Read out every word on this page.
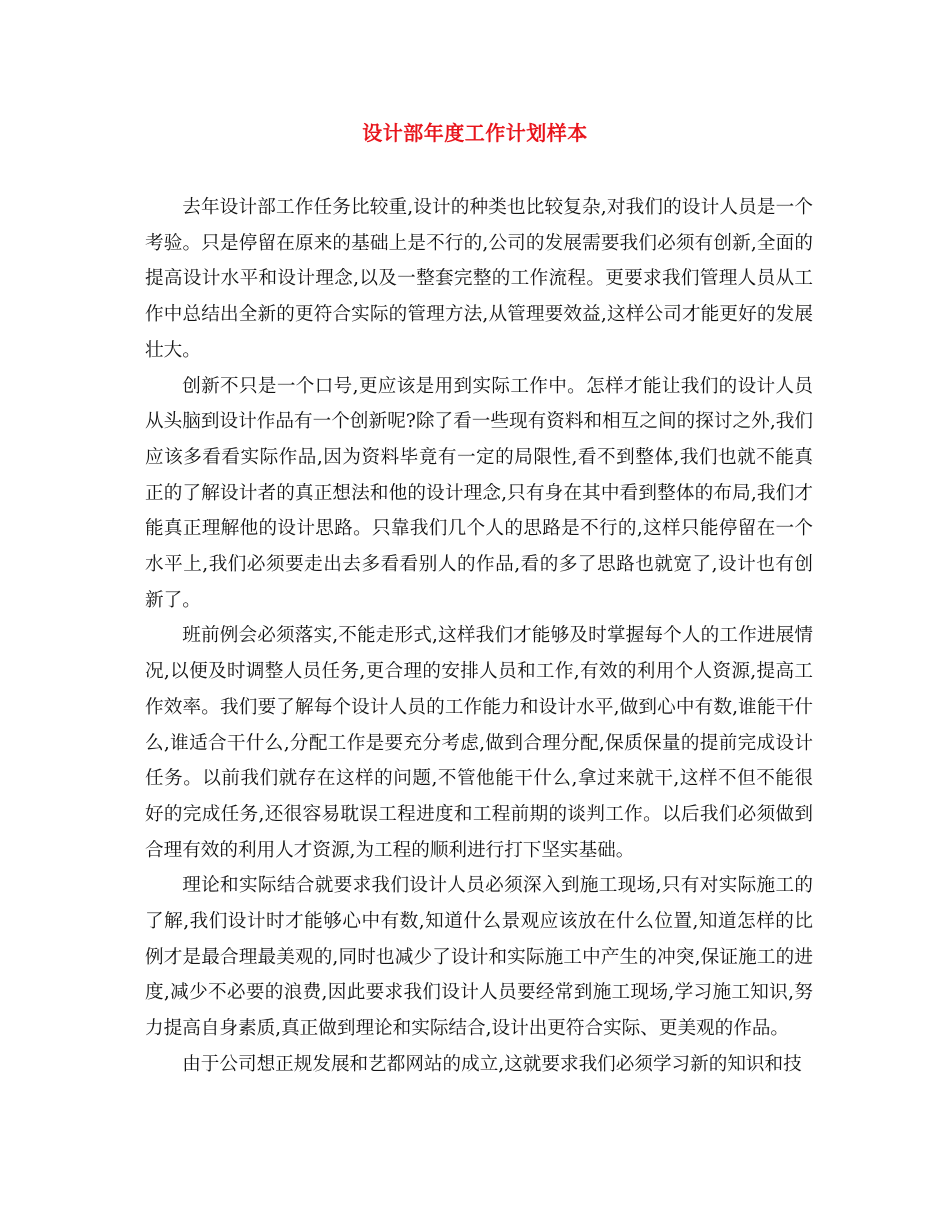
设计部年度工作计划样本

去年设计部工作任务比较重,设计的种类也比较复杂,对我们的设计人员是一个考验。只是停留在原来的基础上是不行的,公司的发展需要我们必须有创新,全面的提高设计水平和设计理念,以及一整套完整的工作流程。更要求我们管理人员从工作中总结出全新的更符合实际的管理方法,从管理要效益,这样公司才能更好的发展壮大。

创新不只是一个口号,更应该是用到实际工作中。怎样才能让我们的设计人员从头脑到设计作品有一个创新呢?除了看一些现有资料和相互之间的探讨之外,我们应该多看看实际作品,因为资料毕竟有一定的局限性,看不到整体,我们也就不能真正的了解设计者的真正想法和他的设计理念,只有身在其中看到整体的布局,我们才能真正理解他的设计思路。只靠我们几个人的思路是不行的,这样只能停留在一个水平上,我们必须要走出去多看看别人的作品,看的多了思路也就宽了,设计也有创新了。

班前例会必须落实,不能走形式,这样我们才能够及时掌握每个人的工作进展情况,以便及时调整人员任务,更合理的安排人员和工作,有效的利用个人资源,提高工作效率。我们要了解每个设计人员的工作能力和设计水平,做到心中有数,谁能干什么,谁适合干什么,分配工作是要充分考虑,做到合理分配,保质保量的提前完成设计任务。以前我们就存在这样的问题,不管他能干什么,拿过来就干,这样不但不能很好的完成任务,还很容易耽误工程进度和工程前期的谈判工作。以后我们必须做到合理有效的利用人才资源,为工程的顺利进行打下坚实基础。

理论和实际结合就要求我们设计人员必须深入到施工现场,只有对实际施工的了解,我们设计时才能够心中有数,知道什么景观应该放在什么位置,知道怎样的比例才是最合理最美观的,同时也减少了设计和实际施工中产生的冲突,保证施工的进度,减少不必要的浪费,因此要求我们设计人员要经常到施工现场,学习施工知识,努力提高自身素质,真正做到理论和实际结合,设计出更符合实际、更美观的作品。

由于公司想正规发展和艺都网站的成立,这就要求我们必须学习新的知识和技
